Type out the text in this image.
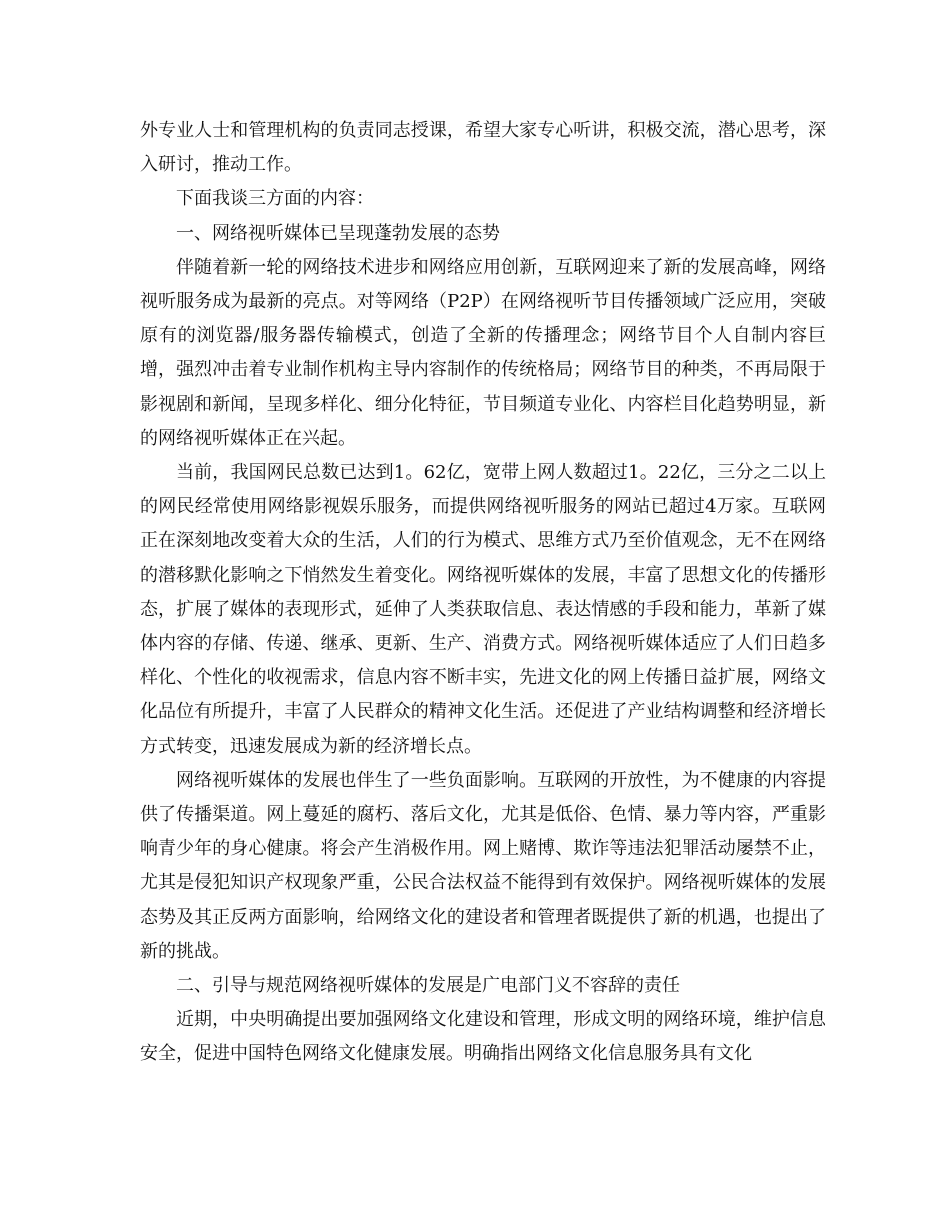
外专业人士和管理机构的负责同志授课，希望大家专心听讲，积极交流，潜心思考，深入研讨，推动工作。

下面我谈三方面的内容：

一、网络视听媒体已呈现蓬勃发展的态势

伴随着新一轮的网络技术进步和网络应用创新，互联网迎来了新的发展高峰，网络视听服务成为最新的亮点。对等网络（P2P）在网络视听节目传播领域广泛应用，突破原有的浏览器/服务器传输模式，创造了全新的传播理念；网络节目个人自制内容巨增，强烈冲击着专业制作机构主导内容制作的传统格局；网络节目的种类，不再局限于影视剧和新闻，呈现多样化、细分化特征，节目频道专业化、内容栏目化趋势明显，新的网络视听媒体正在兴起。

当前，我国网民总数已达到1。62亿，宽带上网人数超过1。22亿，三分之二以上的网民经常使用网络影视娱乐服务，而提供网络视听服务的网站已超过4万家。互联网正在深刻地改变着大众的生活，人们的行为模式、思维方式乃至价值观念，无不在网络的潜移默化影响之下悄然发生着变化。网络视听媒体的发展，丰富了思想文化的传播形态，扩展了媒体的表现形式，延伸了人类获取信息、表达情感的手段和能力，革新了媒体内容的存储、传递、继承、更新、生产、消费方式。网络视听媒体适应了人们日趋多样化、个性化的收视需求，信息内容不断丰实，先进文化的网上传播日益扩展，网络文化品位有所提升，丰富了人民群众的精神文化生活。还促进了产业结构调整和经济增长方式转变，迅速发展成为新的经济增长点。

网络视听媒体的发展也伴生了一些负面影响。互联网的开放性，为不健康的内容提供了传播渠道。网上蔓延的腐朽、落后文化，尤其是低俗、色情、暴力等内容，严重影响青少年的身心健康。将会产生消极作用。网上赌博、欺诈等违法犯罪活动屡禁不止，尤其是侵犯知识产权现象严重，公民合法权益不能得到有效保护。网络视听媒体的发展态势及其正反两方面影响，给网络文化的建设者和管理者既提供了新的机遇，也提出了新的挑战。

二、引导与规范网络视听媒体的发展是广电部门义不容辞的责任

近期，中央明确提出要加强网络文化建设和管理，形成文明的网络环境，维护信息安全，促进中国特色网络文化健康发展。明确指出网络文化信息服务具有文化
